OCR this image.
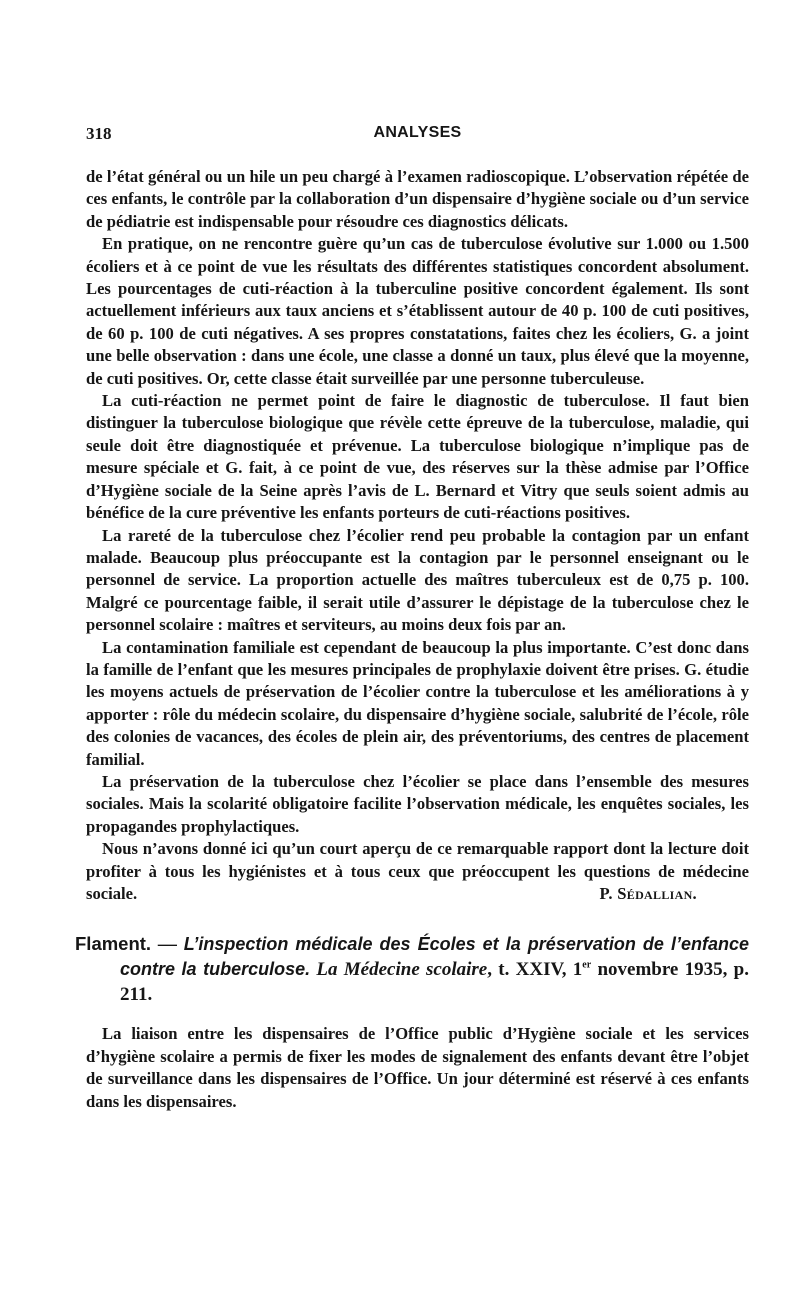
318	ANALYSES

de l’état général ou un hile un peu chargé à l’examen radioscopique. L’observation répétée de ces enfants, le contrôle par la collaboration d’un dispensaire d’hygiène sociale ou d’un service de pédiatrie est indispensable pour résoudre ces diagnostics délicats.

En pratique, on ne rencontre guère qu’un cas de tuberculose évolutive sur 1.000 ou 1.500 écoliers et à ce point de vue les résultats des différentes statistiques concordent absolument. Les pourcentages de cuti-réaction à la tuberculine positive concordent également. Ils sont actuellement inférieurs aux taux anciens et s’établissent autour de 40 p. 100 de cuti positives, de 60 p. 100 de cuti négatives. A ses propres constatations, faites chez les écoliers, G. a joint une belle observation : dans une école, une classe a donné un taux, plus élevé que la moyenne, de cuti positives. Or, cette classe était surveillée par une personne tuberculeuse.

La cuti-réaction ne permet point de faire le diagnostic de tuberculose. Il faut bien distinguer la tuberculose biologique que révèle cette épreuve de la tuberculose, maladie, qui seule doit être diagnostiquée et prévenue. La tuberculose biologique n’implique pas de mesure spéciale et G. fait, à ce point de vue, des réserves sur la thèse admise par l’Office d’Hygiène sociale de la Seine après l’avis de L. Bernard et Vitry que seuls soient admis au bénéfice de la cure préventive les enfants porteurs de cuti-réactions positives.

La rareté de la tuberculose chez l’écolier rend peu probable la contagion par un enfant malade. Beaucoup plus préoccupante est la contagion par le personnel enseignant ou le personnel de service. La proportion actuelle des maîtres tuberculeux est de 0,75 p. 100. Malgré ce pourcentage faible, il serait utile d’assurer le dépistage de la tuberculose chez le personnel scolaire : maîtres et serviteurs, au moins deux fois par an.

La contamination familiale est cependant de beaucoup la plus importante. C’est donc dans la famille de l’enfant que les mesures principales de prophylaxie doivent être prises. G. étudie les moyens actuels de préservation de l’écolier contre la tuberculose et les améliorations à y apporter : rôle du médecin scolaire, du dispensaire d’hygiène sociale, salubrité de l’école, rôle des colonies de vacances, des écoles de plein air, des préventoriums, des centres de placement familial.

La préservation de la tuberculose chez l’écolier se place dans l’ensemble des mesures sociales. Mais la scolarité obligatoire facilite l’observation médicale, les enquêtes sociales, les propagandes prophylactiques.

Nous n’avons donné ici qu’un court aperçu de ce remarquable rapport dont la lecture doit profiter à tous les hygiénistes et à tous ceux que préoccupent les questions de médecine sociale.	P. Sédallian.

Flament. — L’inspection médicale des Écoles et la préservation de l’enfance contre la tuberculose. La Médecine scolaire, t. XXIV, 1er novembre 1935, p. 211.

La liaison entre les dispensaires de l’Office public d’Hygiène sociale et les services d’hygiène scolaire a permis de fixer les modes de signalement des enfants devant être l’objet de surveillance dans les dispensaires de l’Office. Un jour déterminé est réservé à ces enfants dans les dispensaires.
